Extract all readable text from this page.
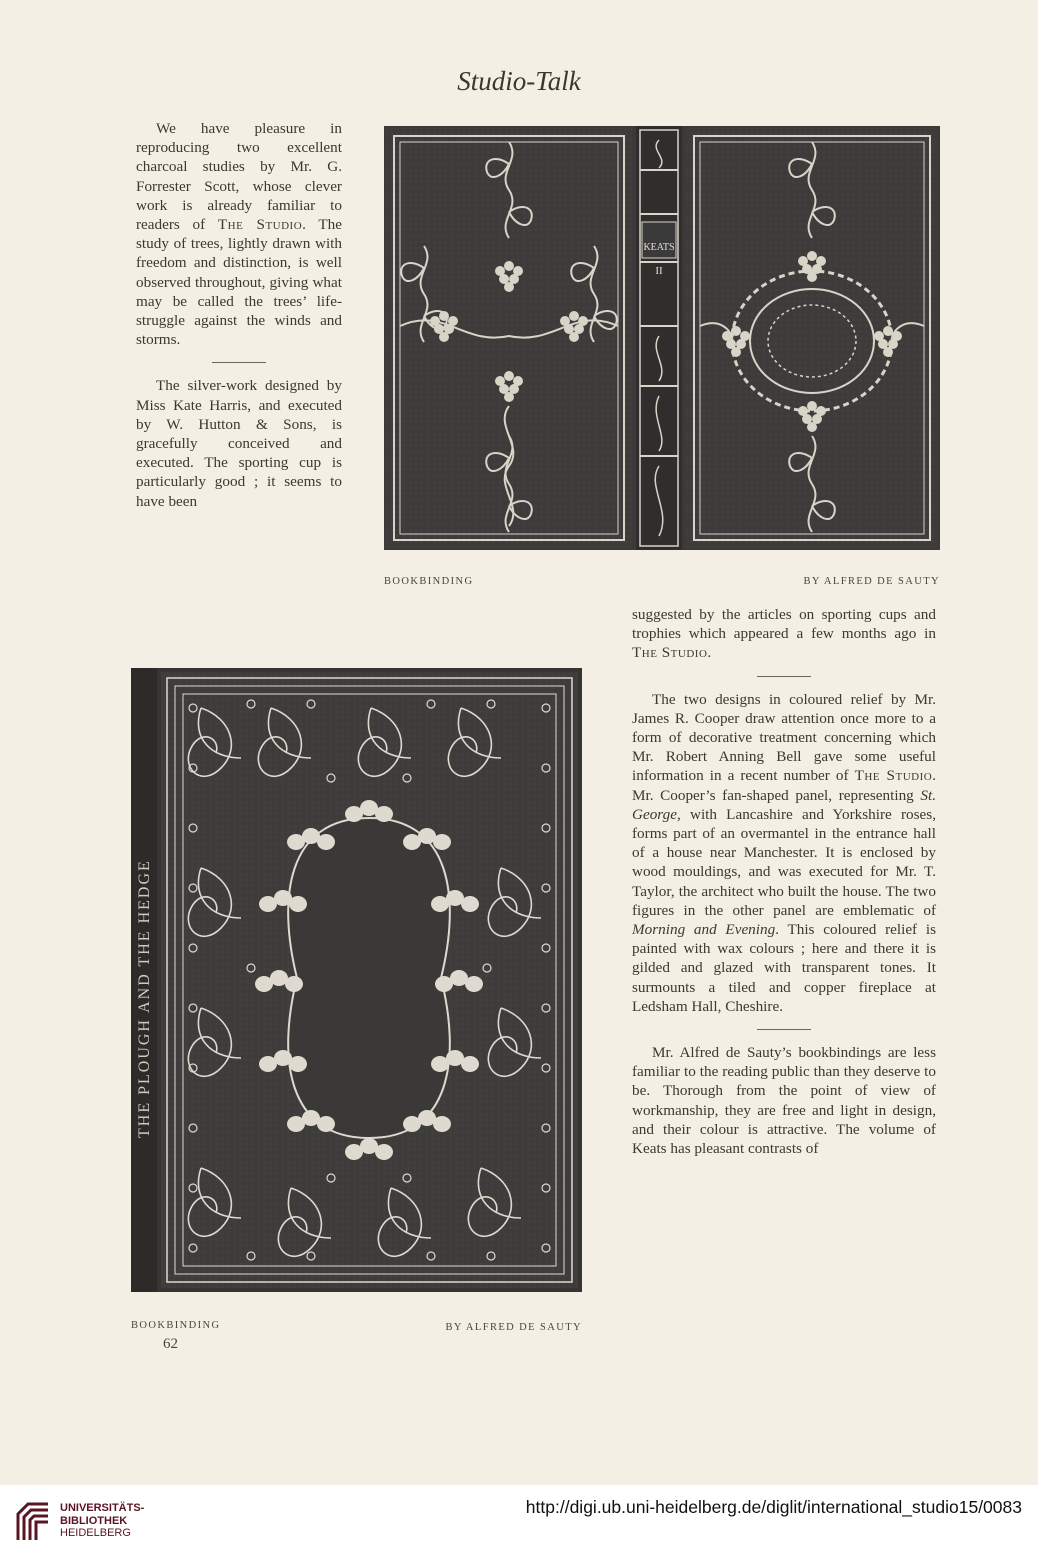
Studio-Talk

We have pleasure in reproducing two excellent charcoal studies by Mr. G. Forrester Scott, whose clever work is already familiar to readers of The Studio. The study of trees, lightly drawn with freedom and distinction, is well observed throughout, giving what may be called the trees’ life-struggle against the winds and storms.

The silver-work designed by Miss Kate Harris, and executed by W. Hutton & Sons, is gracefully conceived and executed. The sporting cup is particularly good ; it seems to have been

KEATS
II
BOOKBINDING	BY ALFRED DE SAUTY

suggested by the articles on sporting cups and trophies which appeared a few months ago in The Studio.

The two designs in coloured relief by Mr. James R. Cooper draw attention once more to a form of decorative treatment concerning which Mr. Robert Anning Bell gave some useful information in a recent number of The Studio. Mr. Cooper’s fan-shaped panel, representing St. George, with Lancashire and Yorkshire roses, forms part of an overmantel in the entrance hall of a house near Manchester. It is enclosed by wood mouldings, and was executed for Mr. T. Taylor, the architect who built the house. The two figures in the other panel are emblematic of Morning and Evening. This coloured relief is painted with wax colours ; here and there it is gilded and glazed with transparent tones. It surmounts a tiled and copper fireplace at Ledsham Hall, Cheshire.

Mr. Alfred de Sauty’s bookbindings are less familiar to the reading public than they deserve to be. Thorough from the point of view of workmanship, they are free and light in design, and their colour is attractive. The volume of Keats has pleasant contrasts of

THE PLOUGH AND THE HEDGE
BOOKBINDING	BY ALFRED DE SAUTY
62
UNIVERSITÄTS-
BIBLIOTHEK
HEIDELBERG
http://digi.ub.uni-heidelberg.de/diglit/international_studio15/0083
